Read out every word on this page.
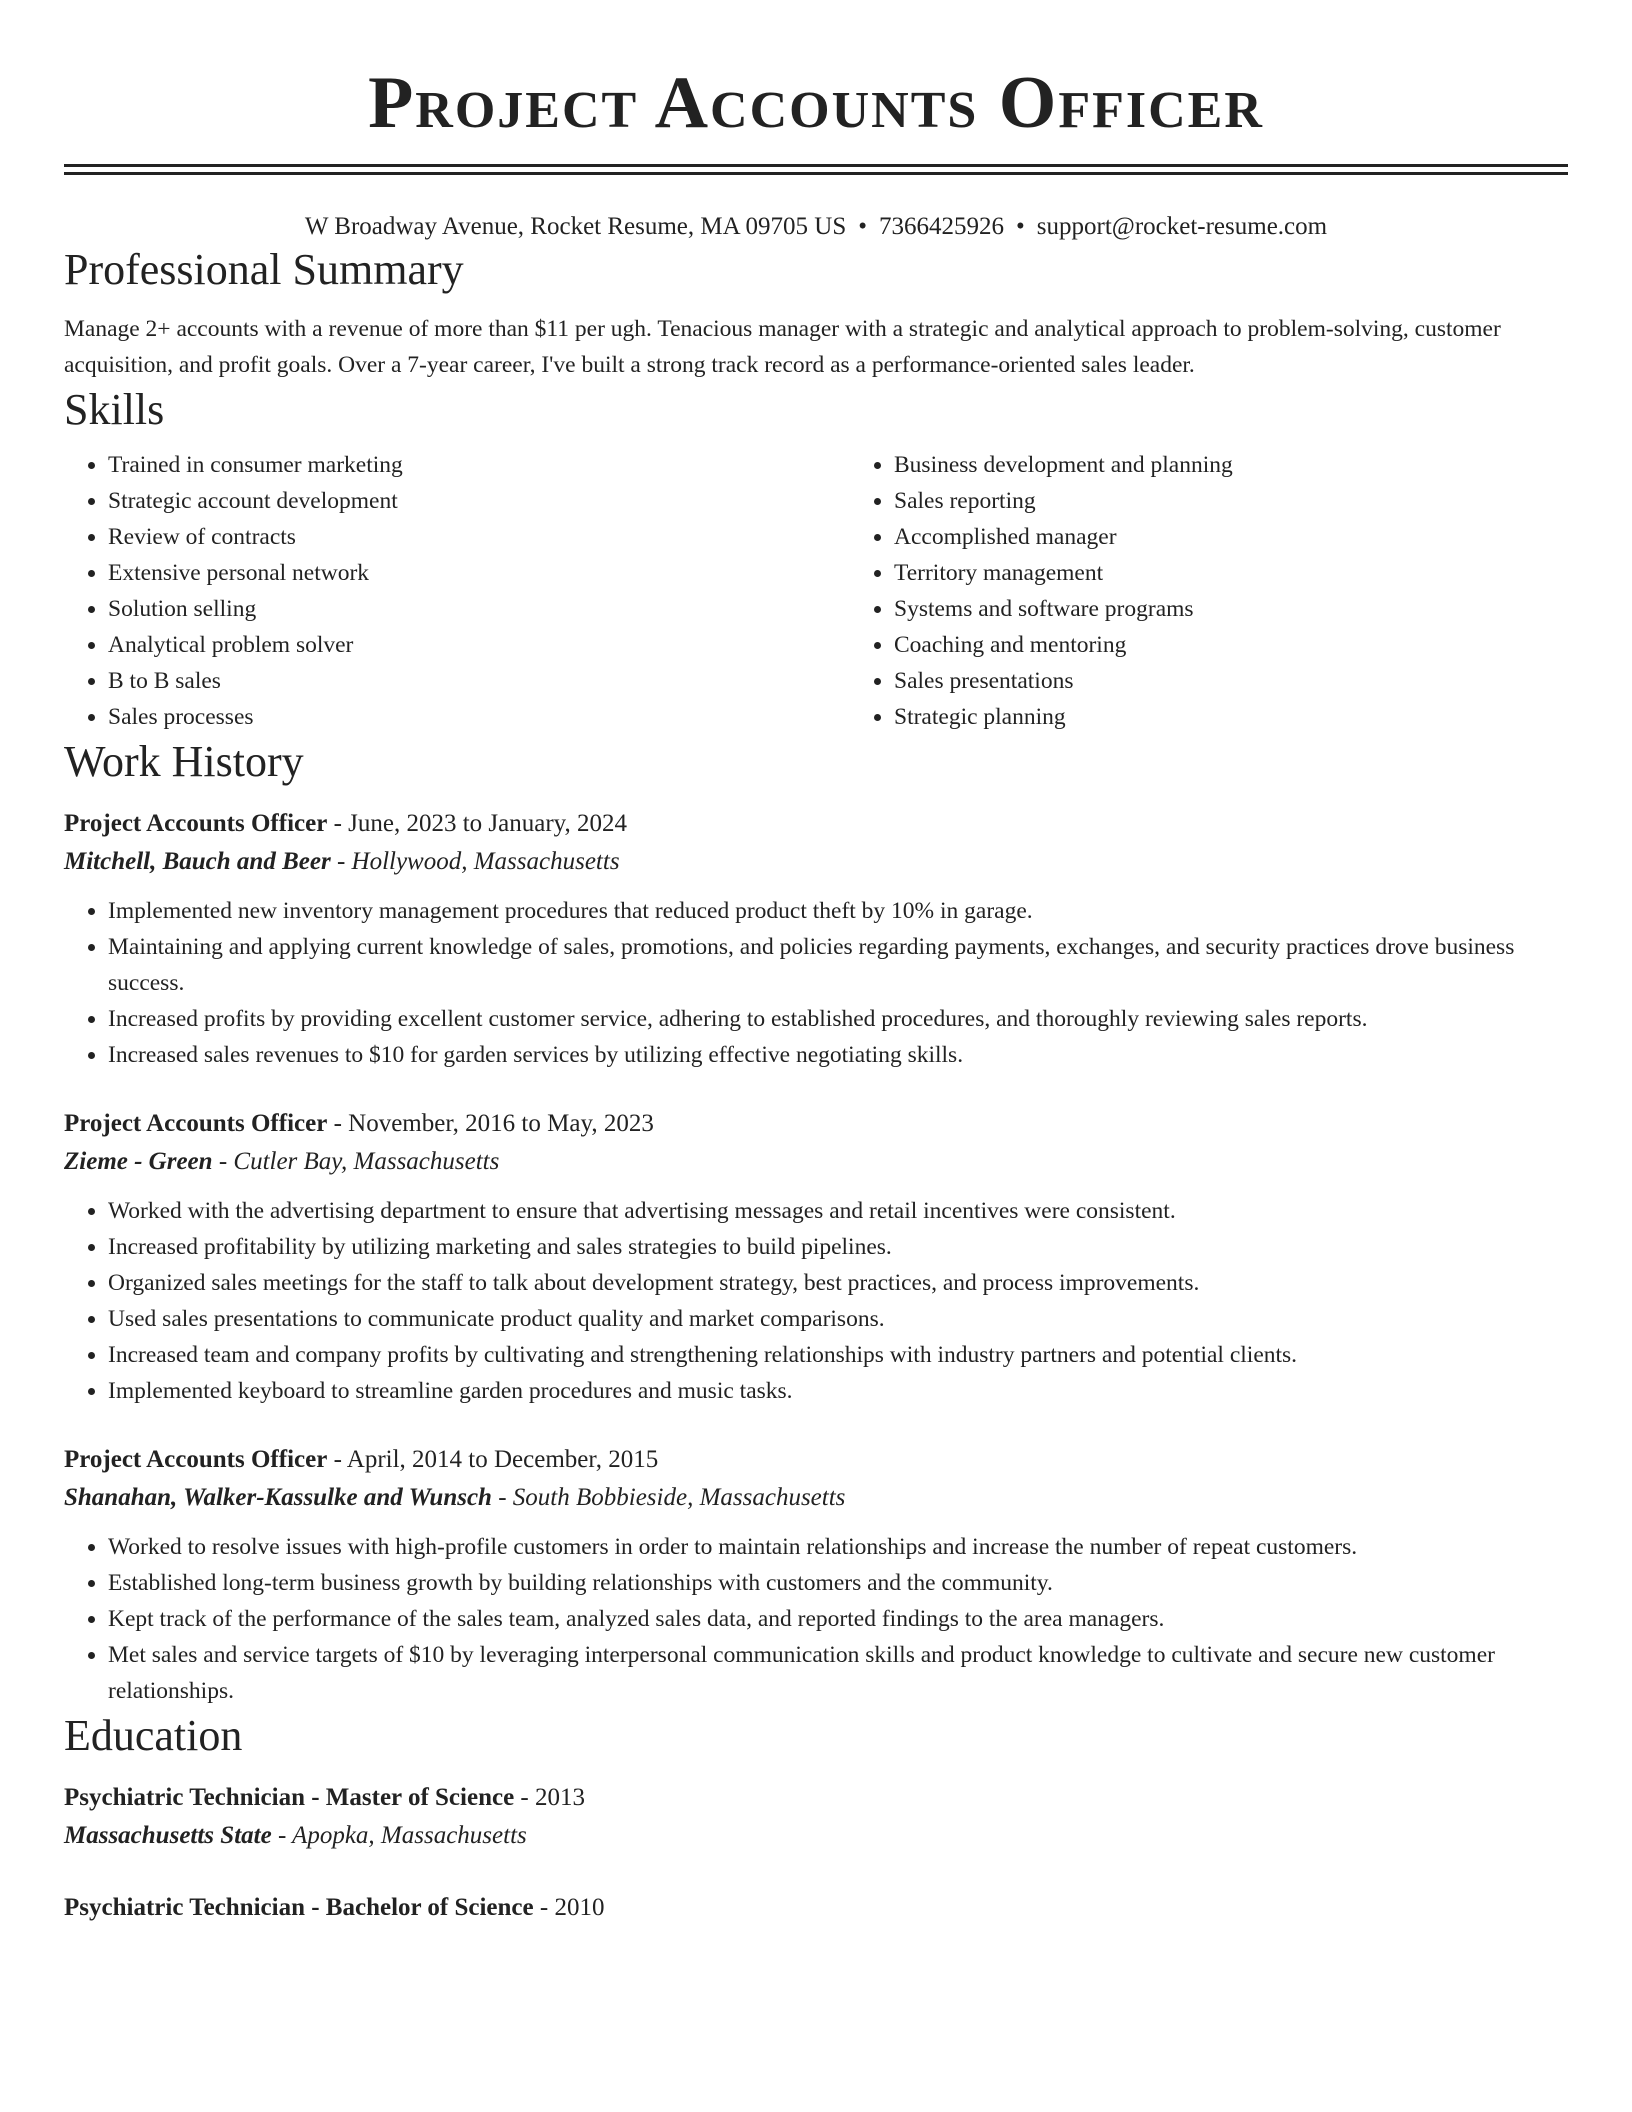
Project Accounts Officer
W Broadway Avenue, Rocket Resume, MA 09705 US • 7366425926 • support@rocket-resume.com
Professional Summary

Manage 2+ accounts with a revenue of more than $11 per ugh. Tenacious manager with a strategic and analytical approach to problem-solving, customer acquisition, and profit goals. Over a 7-year career, I've built a strong track record as a performance-oriented sales leader.

Skills
• Trained in consumer marketing
• Strategic account development
• Review of contracts
• Extensive personal network
• Solution selling
• Analytical problem solver
• B to B sales
• Sales processes
• Business development and planning
• Sales reporting
• Accomplished manager
• Territory management
• Systems and software programs
• Coaching and mentoring
• Sales presentations
• Strategic planning
Work History
Project Accounts Officer - June, 2023 to January, 2024
Mitchell, Bauch and Beer - Hollywood, Massachusetts
• Implemented new inventory management procedures that reduced product theft by 10% in garage.
• Maintaining and applying current knowledge of sales, promotions, and policies regarding payments, exchanges, and security practices drove business success.
• Increased profits by providing excellent customer service, adhering to established procedures, and thoroughly reviewing sales reports.
• Increased sales revenues to $10 for garden services by utilizing effective negotiating skills.
Project Accounts Officer - November, 2016 to May, 2023
Zieme - Green - Cutler Bay, Massachusetts
• Worked with the advertising department to ensure that advertising messages and retail incentives were consistent.
• Increased profitability by utilizing marketing and sales strategies to build pipelines.
• Organized sales meetings for the staff to talk about development strategy, best practices, and process improvements.
• Used sales presentations to communicate product quality and market comparisons.
• Increased team and company profits by cultivating and strengthening relationships with industry partners and potential clients.
• Implemented keyboard to streamline garden procedures and music tasks.
Project Accounts Officer - April, 2014 to December, 2015
Shanahan, Walker-Kassulke and Wunsch - South Bobbieside, Massachusetts
• Worked to resolve issues with high-profile customers in order to maintain relationships and increase the number of repeat customers.
• Established long-term business growth by building relationships with customers and the community.
• Kept track of the performance of the sales team, analyzed sales data, and reported findings to the area managers.
• Met sales and service targets of $10 by leveraging interpersonal communication skills and product knowledge to cultivate and secure new customer relationships.
Education
Psychiatric Technician - Master of Science - 2013
Massachusetts State - Apopka, Massachusetts
Psychiatric Technician - Bachelor of Science - 2010
